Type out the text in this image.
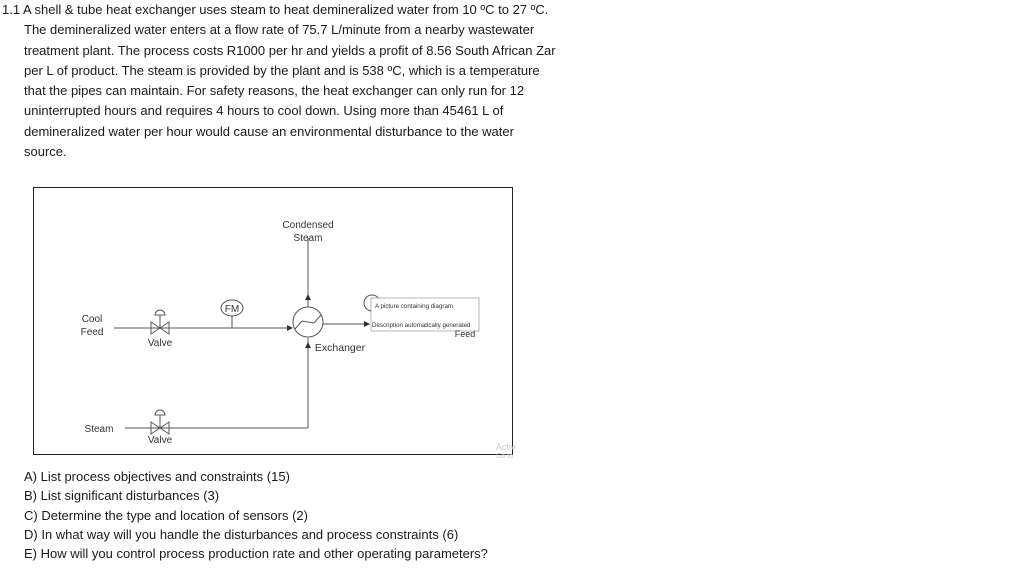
1.1 A shell & tube heat exchanger uses steam to heat demineralized water from 10 ºC to 27 ºC.
The demineralized water enters at a flow rate of 75.7 L/minute from a nearby wastewater
treatment plant. The process costs R1000 per hr and yields a profit of 8.56 South African Zar
per L of product. The steam is provided by the plant and is 538 ºC, which is a temperature
that the pipes can maintain. For safety reasons, the heat exchanger can only run for 12
uninterrupted hours and requires 4 hours to cool down. Using more than 45461 L of
demineralized water per hour would cause an environmental disturbance to the water
source.
Condensed
Steam
Cool
Feed
Valve
FM
Exchanger
A picture containing diagram
Description automatically generated
Feed
Steam
Valve
Activ
Go to
A) List process objectives and constraints (15)
B) List significant disturbances (3)
C) Determine the type and location of sensors (2)
D) In what way will you handle the disturbances and process constraints (6)
E) How will you control process production rate and other operating parameters?
